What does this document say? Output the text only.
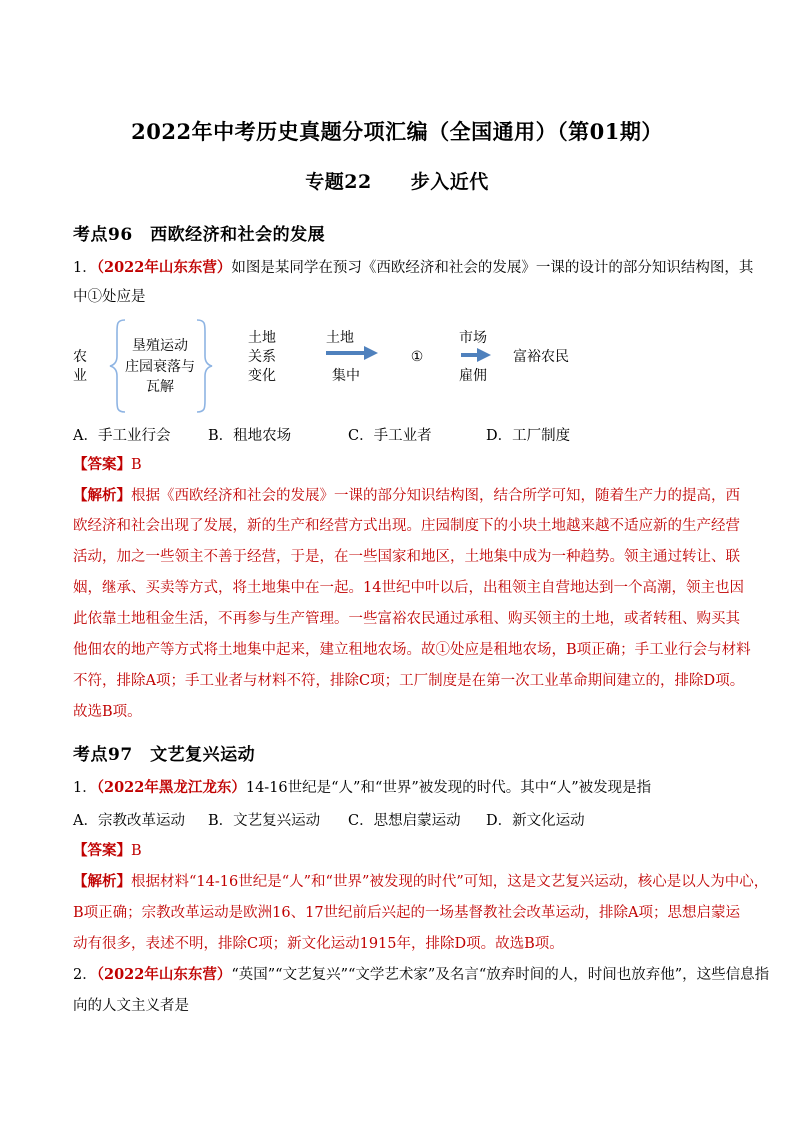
2022年中考历史真题分项汇编（全国通用）（第01期）
专题22　　步入近代
考点96　西欧经济和社会的发展
1．（2022年山东东营）如图是某同学在预习《西欧经济和社会的发展》一课的设计的部分知识结构图，其
中①处应是
农
业
垦殖运动
庄园衰落与
瓦解
土地
关系
变化
土地
集中
①
市场
雇佣
富裕农民
A．手工业行会	B．租地农场	C．手工业者	D．工厂制度
【答案】B
【解析】根据《西欧经济和社会的发展》一课的部分知识结构图，结合所学可知，随着生产力的提高，西
欧经济和社会出现了发展，新的生产和经营方式出现。庄园制度下的小块土地越来越不适应新的生产经营
活动，加之一些领主不善于经营，于是，在一些国家和地区，土地集中成为一种趋势。领主通过转让、联
姻，继承、买卖等方式，将土地集中在一起。14世纪中叶以后，出租领主自营地达到一个高潮，领主也因
此依靠土地租金生活，不再参与生产管理。一些富裕农民通过承租、购买领主的土地，或者转租、购买其
他佃农的地产等方式将土地集中起来，建立租地农场。故①处应是租地农场，B项正确；手工业行会与材料
不符，排除A项；手工业者与材料不符，排除C项；工厂制度是在第一次工业革命期间建立的，排除D项。
故选B项。
考点97　文艺复兴运动
1．（2022年黑龙江龙东）14-16世纪是“人”和“世界”被发现的时代。其中“人”被发现是指
A．宗教改革运动 B．文艺复兴运动 C．思想启蒙运动 D．新文化运动
【答案】B
【解析】根据材料“14-16世纪是“人”和“世界”被发现的时代”可知，这是文艺复兴运动，核心是以人为中心，
B项正确；宗教改革运动是欧洲16、17世纪前后兴起的一场基督教社会改革运动，排除A项；思想启蒙运
动有很多，表述不明，排除C项；新文化运动1915年，排除D项。故选B项。
2．（2022年山东东营）“英国”“文艺复兴”“文学艺术家”及名言“放弃时间的人，时间也放弃他”，这些信息指
向的人文主义者是
